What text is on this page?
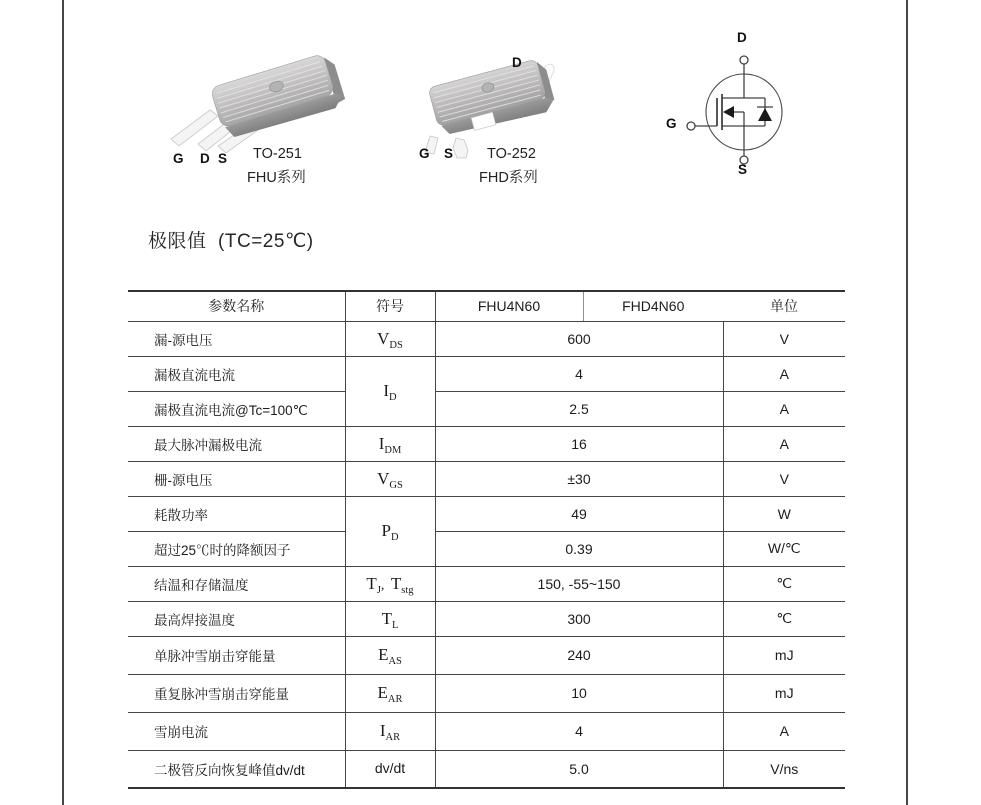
G D S TO-251
FHU系列
D
G S TO-252
FHD系列
D
G
S
极限值  (TC=25℃)
参数名称	符号	FHU4N60	FHD4N60	单位
漏-源电压	$V_{DS}$	600		V
漏极直流电流	$I_D$	4		A
漏极直流电流@Tc=100℃		2.5		A
最大脉冲漏极电流	$I_{DM}$	16		A
栅-源电压	$V_{GS}$	±30		V
耗散功率	$P_D$	49		W
超过25℃时的降额因子		0.39		W/℃
结温和存储温度	$T_J$, $T_{stg}$	150, -55~150		℃
最高焊接温度	$T_L$	300		℃
单脉冲雪崩击穿能量	$E_{AS}$	240		mJ
重复脉冲雪崩击穿能量	$E_{AR}$	10		mJ
雪崩电流	$I_{AR}$	4		A
二极管反向恢复峰值dv/dt	dv/dt	5.0		V/ns
